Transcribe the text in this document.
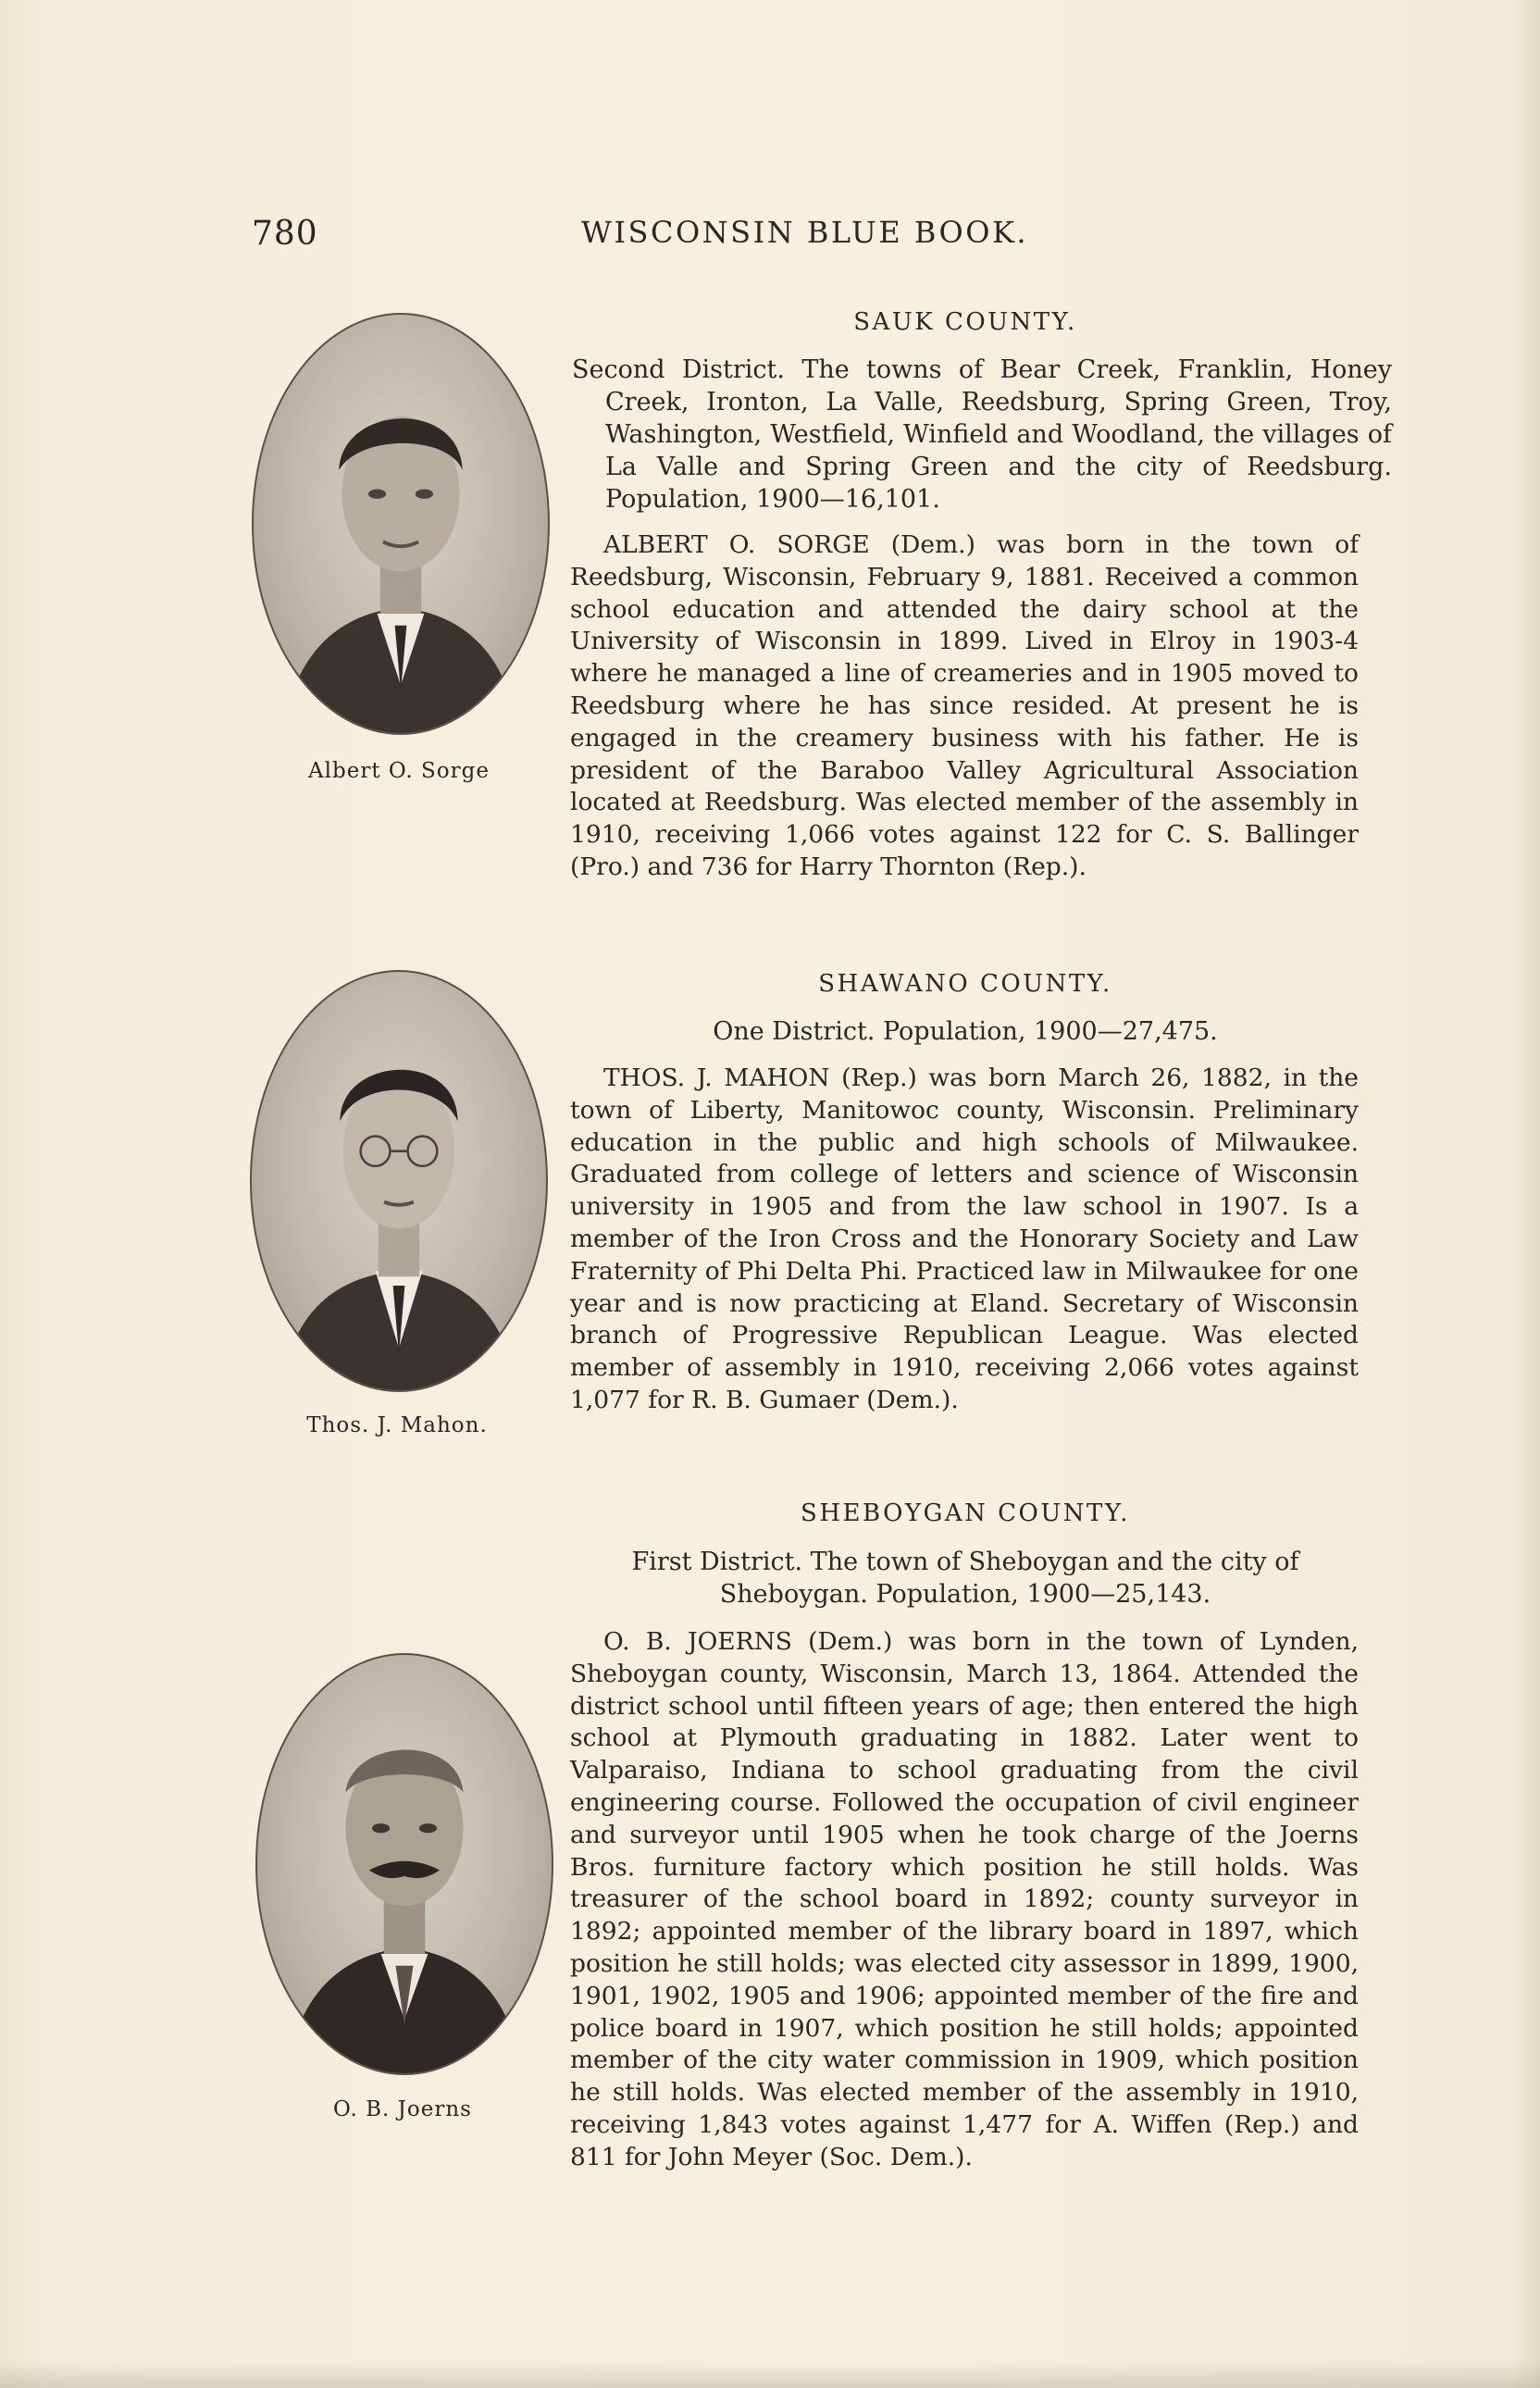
780	WISCONSIN BLUE BOOK.
SAUK COUNTY.
Second District. The towns of Bear Creek, Franklin, Honey Creek, Ironton, La Valle, Reedsburg, Spring Green, Troy, Washington, Westfield, Winfield and Woodland, the villages of La Valle and Spring Green and the city of Reedsburg. Population, 1900—16,101.
ALBERT O. SORGE (Dem.) was born in the town of Reedsburg, Wisconsin, February 9, 1881. Received a common school education and attended the dairy school at the University of Wisconsin in 1899. Lived in Elroy in 1903-4 where he managed a line of creameries and in 1905 moved to Reedsburg where he has since resided. At present he is engaged in the creamery business with his father. He is president of the Baraboo Valley Agricultural Association located at Reedsburg. Was elected member of the assembly in 1910, receiving 1,066 votes against 122 for C. S. Ballinger (Pro.) and 736 for Harry Thornton (Rep.).
Albert O. Sorge
SHAWANO COUNTY.
One District. Population, 1900—27,475.
THOS. J. MAHON (Rep.) was born March 26, 1882, in the town of Liberty, Manitowoc county, Wisconsin. Preliminary education in the public and high schools of Milwaukee. Graduated from college of letters and science of Wisconsin university in 1905 and from the law school in 1907. Is a member of the Iron Cross and the Honorary Society and Law Fraternity of Phi Delta Phi. Practiced law in Milwaukee for one year and is now practicing at Eland. Secretary of Wisconsin branch of Progressive Republican League. Was elected member of assembly in 1910, receiving 2,066 votes against 1,077 for R. B. Gumaer (Dem.).
Thos. J. Mahon.
SHEBOYGAN COUNTY.
First District. The town of Sheboygan and the city of Sheboygan. Population, 1900—25,143.
O. B. JOERNS (Dem.) was born in the town of Lynden, Sheboygan county, Wisconsin, March 13, 1864. Attended the district school until fifteen years of age; then entered the high school at Plymouth graduating in 1882. Later went to Valparaiso, Indiana to school graduating from the civil engineering course. Followed the occupation of civil engineer and surveyor until 1905 when he took charge of the Joerns Bros. furniture factory which position he still holds. Was treasurer of the school board in 1892; county surveyor in 1892; appointed member of the library board in 1897, which position he still holds; was elected city assessor in 1899, 1900, 1901, 1902, 1905 and 1906; appointed member of the fire and police board in 1907, which position he still holds; appointed member of the city water commission in 1909, which position he still holds. Was elected member of the assembly in 1910, receiving 1,843 votes against 1,477 for A. Wiffen (Rep.) and 811 for John Meyer (Soc. Dem.).
O. B. Joerns
